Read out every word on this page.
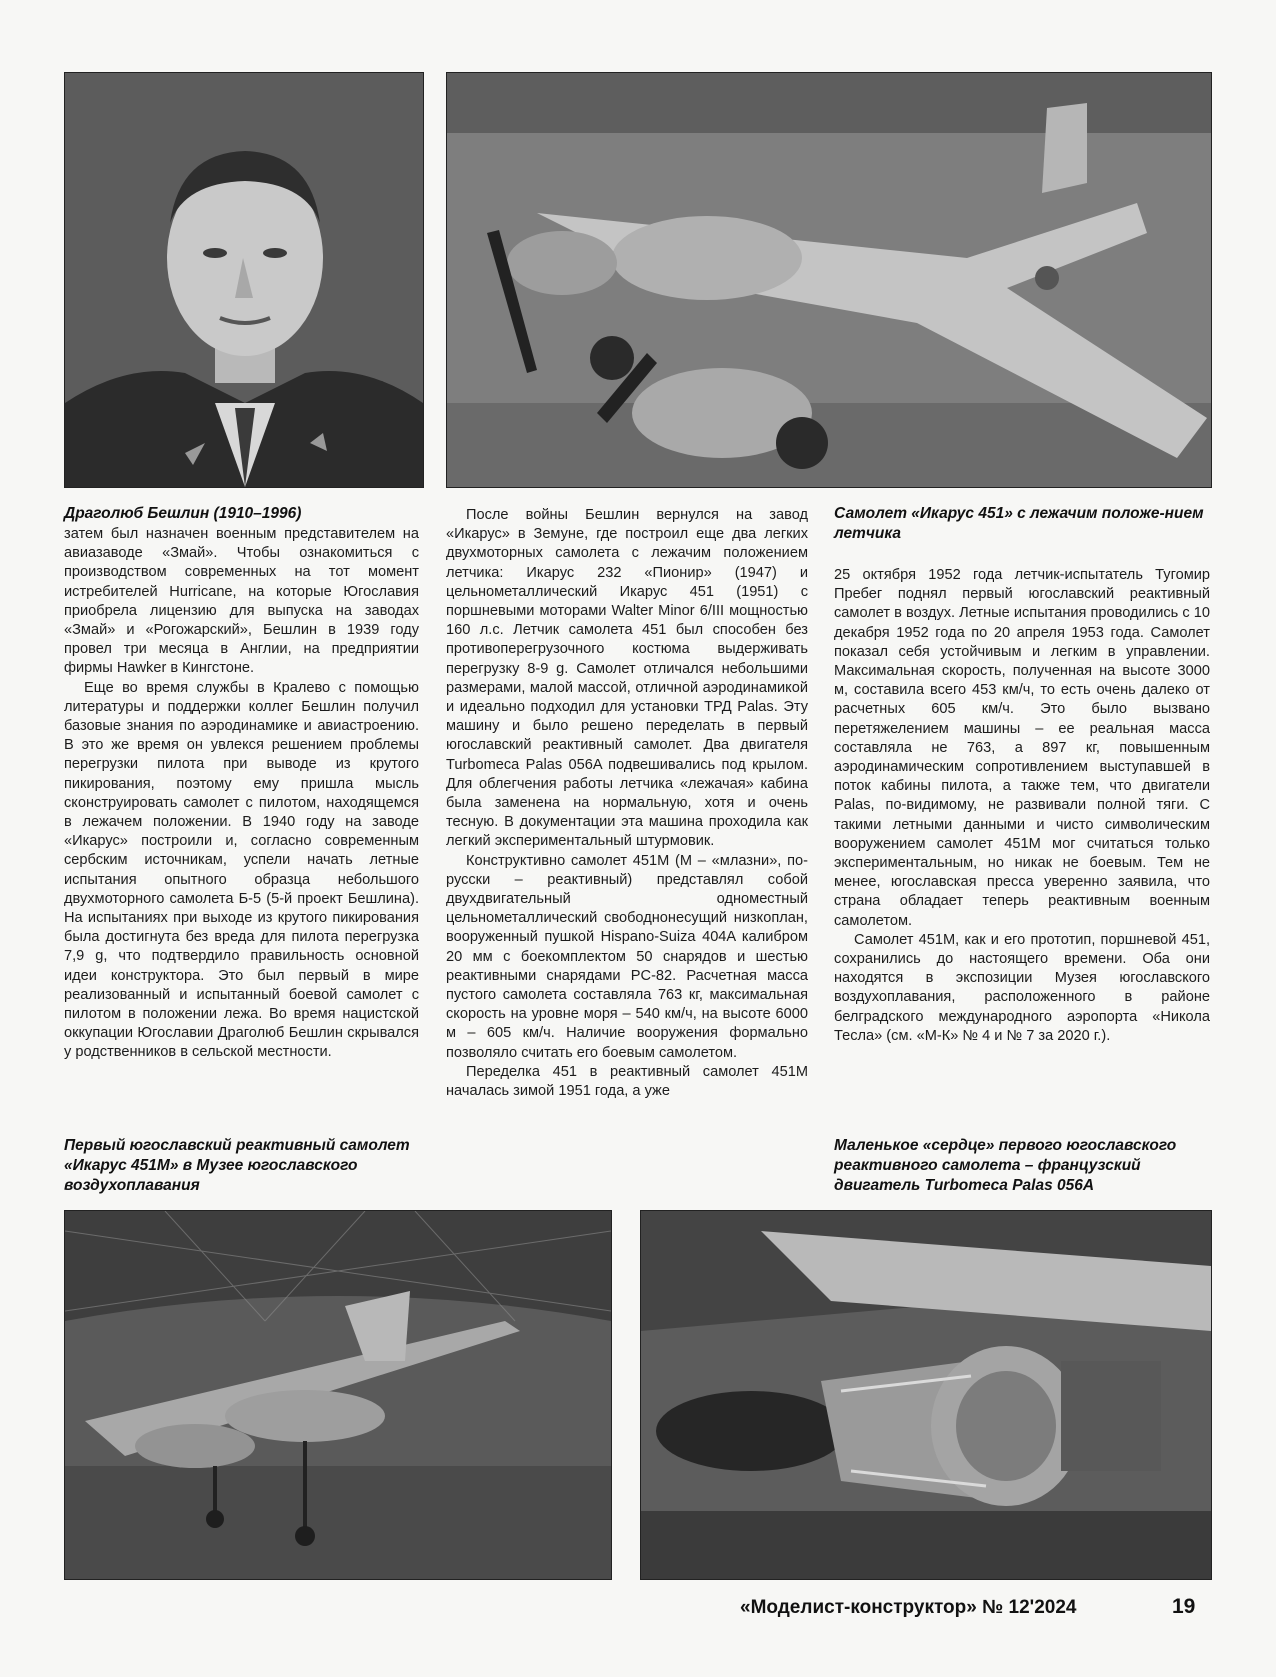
Драголюб Бешлин (1910–1996)	Самолет «Икарус 451» с лежачим положе-нием летчика
Первый югославский реактивный самолет «Икарус 451M» в Музее югославского воздухоплавания
Маленькое «сердце» первого югославского реактивного самолета – французский двигатель Turbomeca Palas 056A

затем был назначен военным представителем на авиазаводе «Змай». Чтобы ознакомиться с производством современных на тот момент истребителей Hurricane, на которые Югославия приобрела лицензию для выпуска на заводах «Змай» и «Рогожарский», Бешлин в 1939 году провел три месяца в Англии, на предприятии фирмы Hawker в Кингстоне.

Еще во время службы в Кралево с помощью литературы и поддержки коллег Бешлин получил базовые знания по аэродинамике и авиастроению. В это же время он увлекся решением проблемы перегрузки пилота при выводе из крутого пикирования, поэтому ему пришла мысль сконструировать самолет с пилотом, находящемся в лежачем положении. В 1940 году на заводе «Икарус» построили и, согласно современным сербским источникам, успели начать летные испытания опытного образца небольшого двухмоторного самолета Б-5 (5-й проект Бешлина). На испытаниях при выходе из крутого пикирования была достигнута без вреда для пилота перегрузка 7,9 g, что подтвердило правильность основной идеи конструктора. Это был первый в мире реализованный и испытанный боевой самолет с пилотом в положении лежа. Во время нацистской оккупации Югославии Драголюб Бешлин скрывался у родственников в сельской местности.

После войны Бешлин вернулся на завод «Икарус» в Земуне, где построил еще два легких двухмоторных самолета с лежачим положением летчика: Икарус 232 «Пионир» (1947) и цельнометаллический Икарус 451 (1951) с поршневыми моторами Walter Minor 6/III мощностью 160 л.с. Летчик самолета 451 был способен без противоперегрузочного костюма выдерживать перегрузку 8-9 g. Самолет отличался небольшими размерами, малой массой, отличной аэродинамикой и идеально подходил для установки ТРД Palas. Эту машину и было решено переделать в первый югославский реактивный самолет. Два двигателя Turbomeca Palas 056A подвешивались под крылом. Для облегчения работы летчика «лежачая» кабина была заменена на нормальную, хотя и очень тесную. В документации эта машина проходила как легкий экспериментальный штурмовик.

Конструктивно самолет 451M (M – «млазни», по-русски – реактивный) представлял собой двухдвигательный одноместный цельнометаллический свободнонесущий низкоплан, вооруженный пушкой Hispano-Suiza 404A калибром 20 мм с боекомплектом 50 снарядов и шестью реактивными снарядами PC-82. Расчетная масса пустого самолета составляла 763 кг, максимальная скорость на уровне моря – 540 км/ч, на высоте 6000 м – 605 км/ч. Наличие вооружения формально позволяло считать его боевым самолетом.

Переделка 451 в реактивный самолет 451M началась зимой 1951 года, а уже

25 октября 1952 года летчик-испытатель Тугомир Пребег поднял первый югославский реактивный самолет в воздух. Летные испытания проводились с 10 декабря 1952 года по 20 апреля 1953 года. Самолет показал себя устойчивым и легким в управлении. Максимальная скорость, полученная на высоте 3000 м, составила всего 453 км/ч, то есть очень далеко от расчетных 605 км/ч. Это было вызвано перетяжелением машины – ее реальная масса составляла не 763, а 897 кг, повышенным аэродинамическим сопротивлением выступавшей в поток кабины пилота, а также тем, что двигатели Palas, по-видимому, не развивали полной тяги. С такими летными данными и чисто символическим вооружением самолет 451M мог считаться только экспериментальным, но никак не боевым. Тем не менее, югославская пресса уверенно заявила, что страна обладает теперь реактивным военным самолетом.

Самолет 451M, как и его прототип, поршневой 451, сохранились до настоящего времени. Оба они находятся в экспозиции Музея югославского воздухоплавания, расположенного в районе белградского международного аэропорта «Никола Тесла» (см. «М-К» № 4 и № 7 за 2020 г.).

«Моделист-конструктор» № 12'2024	19
